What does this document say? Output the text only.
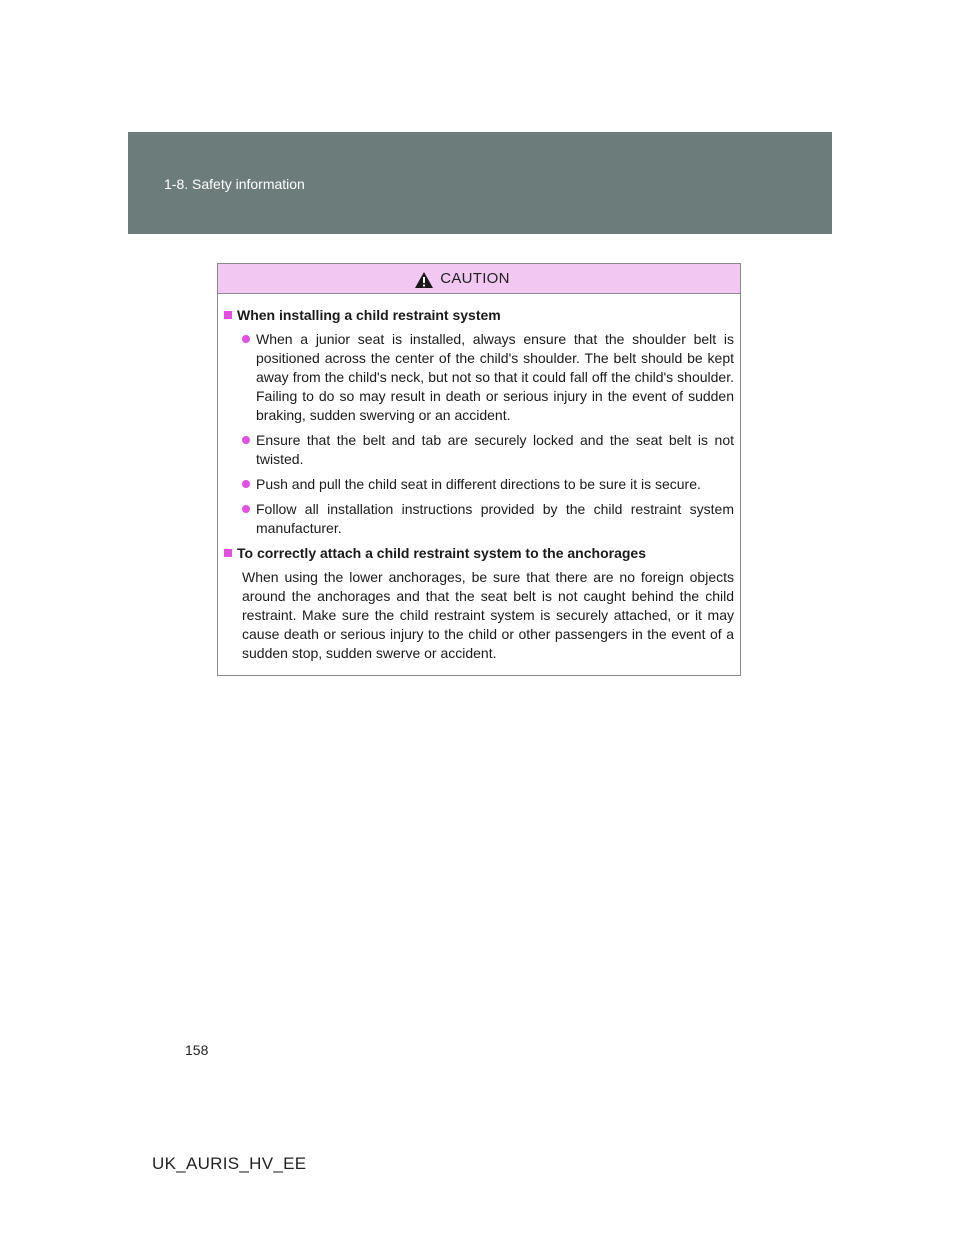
1-8. Safety information
CAUTION
When installing a child restraint system
When a junior seat is installed, always ensure that the shoulder belt is positioned across the center of the child's shoulder. The belt should be kept away from the child's neck, but not so that it could fall off the child's shoulder. Failing to do so may result in death or serious injury in the event of sudden braking, sudden swerving or an accident.
Ensure that the belt and tab are securely locked and the seat belt is not twisted.
Push and pull the child seat in different directions to be sure it is secure.
Follow all installation instructions provided by the child restraint system manufacturer.
To correctly attach a child restraint system to the anchorages

When using the lower anchorages, be sure that there are no foreign objects around the anchorages and that the seat belt is not caught behind the child restraint. Make sure the child restraint system is securely attached, or it may cause death or serious injury to the child or other passengers in the event of a sudden stop, sudden swerve or accident.

158
UK_AURIS_HV_EE
